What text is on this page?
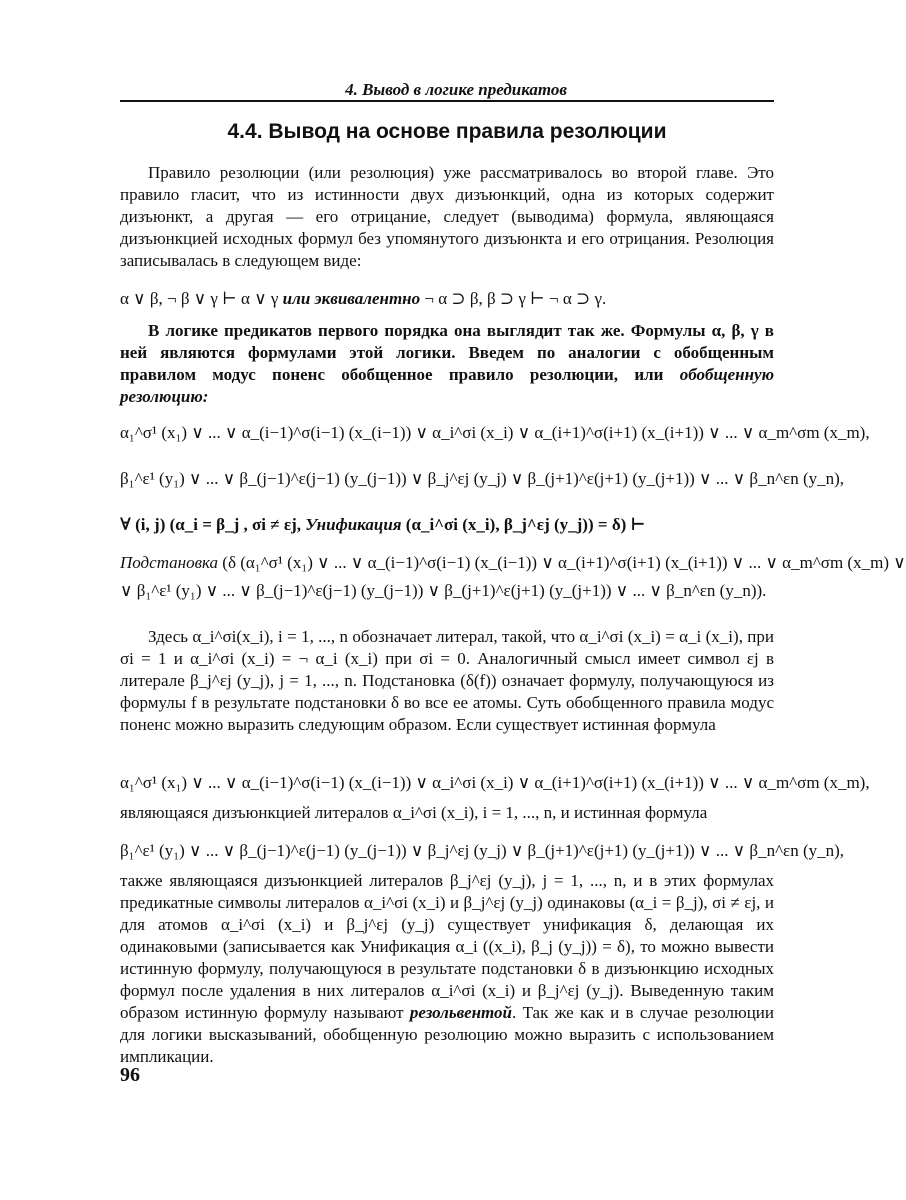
4. Вывод в логике предикатов
4.4. Вывод на основе правила резолюции
Правило резолюции (или резолюция) уже рассматривалось во второй главе. Это правило гласит, что из истинности двух дизъюнкций, одна из которых содержит дизъюнкт, а другая — его отрицание, следует (выводима) формула, являющаяся дизъюнкцией исходных формул без упомянутого дизъюнкта и его отрицания. Резолюция записывалась в следующем виде:
α ∨ β, ¬ β ∨ γ ⊢ α ∨ γ или эквивалентно ¬ α ⊃ β, β ⊃ γ ⊢ ¬ α ⊃ γ.
В логике предикатов первого порядка она выглядит так же. Формулы α, β, γ в ней являются формулами этой логики. Введем по аналогии с обобщенным правилом модус поненс обобщенное правило резолюции, или обобщенную резолюцию:
α₁^σ¹ (x₁) ∨ ... ∨ α_(i−1)^σ(i−1) (x_(i−1)) ∨ α_i^σi (x_i) ∨ α_(i+1)^σ(i+1) (x_(i+1)) ∨ ... ∨ α_m^σm (x_m),
β₁^ε¹ (y₁) ∨ ... ∨ β_(j−1)^ε(j−1) (y_(j−1)) ∨ β_j^εj (y_j) ∨ β_(j+1)^ε(j+1) (y_(j+1)) ∨ ... ∨ β_n^εn (y_n),
∀ (i, j) (α_i = β_j , σi ≠ εj, Унификация (α_i^σi (x_i), β_j^εj (y_j)) = δ) ⊢
Подстановка (δ (α₁^σ¹ (x₁) ∨ ... ∨ α_(i−1)^σ(i−1) (x_(i−1)) ∨ α_(i+1)^σ(i+1) (x_(i+1)) ∨ ... ∨ α_m^σm (x_m) ∨
∨ β₁^ε¹ (y₁) ∨ ... ∨ β_(j−1)^ε(j−1) (y_(j−1)) ∨ β_(j+1)^ε(j+1) (y_(j+1)) ∨ ... ∨ β_n^εn (y_n)).
Здесь α_i^σi(x_i), i = 1, ..., n обозначает литерал, такой, что α_i^σi (x_i) = α_i (x_i), при σi = 1 и α_i^σi (x_i) = ¬ α_i (x_i) при σi = 0. Аналогичный смысл имеет символ εj в литерале β_j^εj (y_j), j = 1, ..., n. Подстановка (δ(f)) означает формулу, получающуюся из формулы f в результате подстановки δ во все ее атомы. Суть обобщенного правила модус поненс можно выразить следующим образом. Если существует истинная формула
α₁^σ¹ (x₁) ∨ ... ∨ α_(i−1)^σ(i−1) (x_(i−1)) ∨ α_i^σi (x_i) ∨ α_(i+1)^σ(i+1) (x_(i+1)) ∨ ... ∨ α_m^σm (x_m),
являющаяся дизъюнкцией литералов α_i^σi (x_i), i = 1, ..., n, и истинная формула
β₁^ε¹ (y₁) ∨ ... ∨ β_(j−1)^ε(j−1) (y_(j−1)) ∨ β_j^εj (y_j) ∨ β_(j+1)^ε(j+1) (y_(j+1)) ∨ ... ∨ β_n^εn (y_n),
также являющаяся дизъюнкцией литералов β_j^εj (y_j), j = 1, ..., n, и в этих формулах предикатные символы литералов α_i^σi (x_i) и β_j^εj (y_j) одинаковы (α_i = β_j), σi ≠ εj, и для атомов α_i^σi (x_i) и β_j^εj (y_j) существует унификация δ, делающая их одинаковыми (записывается как Унификация α_i ((x_i), β_j (y_j)) = δ), то можно вывести истинную формулу, получающуюся в результате подстановки δ в дизъюнкцию исходных формул после удаления в них литералов α_i^σi (x_i) и β_j^εj (y_j). Выведенную таким образом истинную формулу называют резольвентой. Так же как и в случае резолюции для логики высказываний, обобщенную резолюцию можно выразить с использованием импликации.
96
